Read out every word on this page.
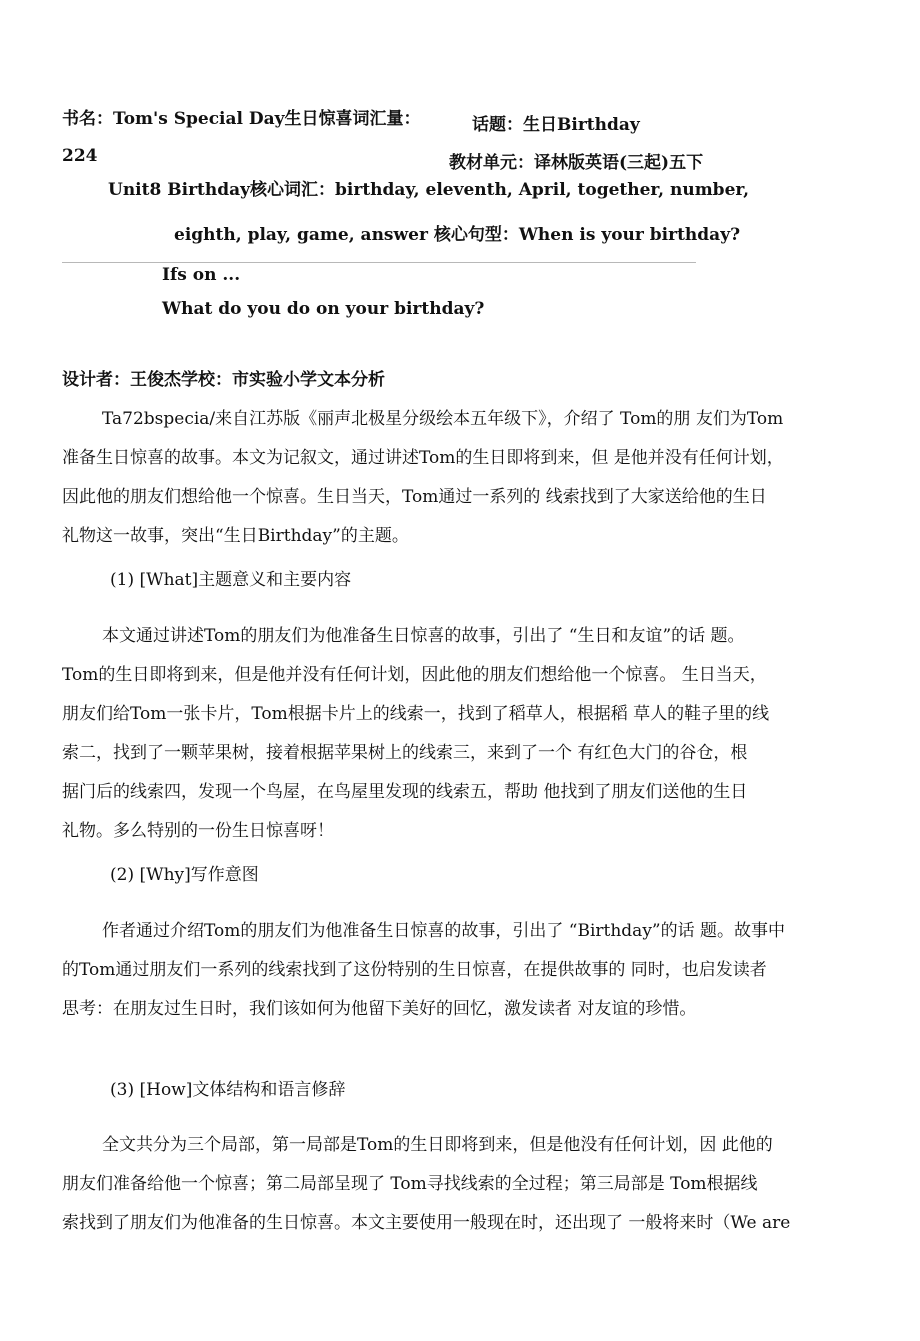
书名：Tom's Special Day生日惊喜词汇量：
224
话题：生日Birthday
教材单元：译林版英语(三起)五下
Unit8 Birthday核心词汇：birthday, eleventh, April, together, number,
eighth, play, game, answer 核心句型：When is your birthday?
Ifs on ...
What do you do on your birthday?
设计者：王俊杰学校：市实验小学文本分析
Ta72bspecia/来自江苏版《丽声北极星分级绘本五年级下》，介绍了 Tom的朋 友们为Tom
准备生日惊喜的故事。本文为记叙文，通过讲述Tom的生日即将到来，但 是他并没有任何计划，
因此他的朋友们想给他一个惊喜。生日当天，Tom通过一系列的 线索找到了大家送给他的生日
礼物这一故事，突出“生日Birthday”的主题。
(1) [What]主题意义和主要内容
本文通过讲述Tom的朋友们为他准备生日惊喜的故事，引出了 “生日和友谊”的话 题。
Tom的生日即将到来，但是他并没有任何计划，因此他的朋友们想给他一个惊喜。 生日当天，
朋友们给Tom一张卡片，Tom根据卡片上的线索一，找到了稻草人，根据稻 草人的鞋子里的线
索二，找到了一颗苹果树，接着根据苹果树上的线索三，来到了一个 有红色大门的谷仓，根
据门后的线索四，发现一个鸟屋，在鸟屋里发现的线索五，帮助 他找到了朋友们送他的生日
礼物。多么特别的一份生日惊喜呀！
(2) [Why]写作意图
作者通过介绍Tom的朋友们为他准备生日惊喜的故事，引出了 “Birthday”的话 题。故事中
的Tom通过朋友们一系列的线索找到了这份特别的生日惊喜，在提供故事的 同时，也启发读者
思考：在朋友过生日时，我们该如何为他留下美好的回忆，激发读者 对友谊的珍惜。
(3) [How]文体结构和语言修辞
全文共分为三个局部，第一局部是Tom的生日即将到来，但是他没有任何计划，因 此他的
朋友们准备给他一个惊喜；第二局部呈现了 Tom寻找线索的全过程；第三局部是 Tom根据线
索找到了朋友们为他准备的生日惊喜。本文主要使用一般现在时，还出现了 一般将来时（We are
